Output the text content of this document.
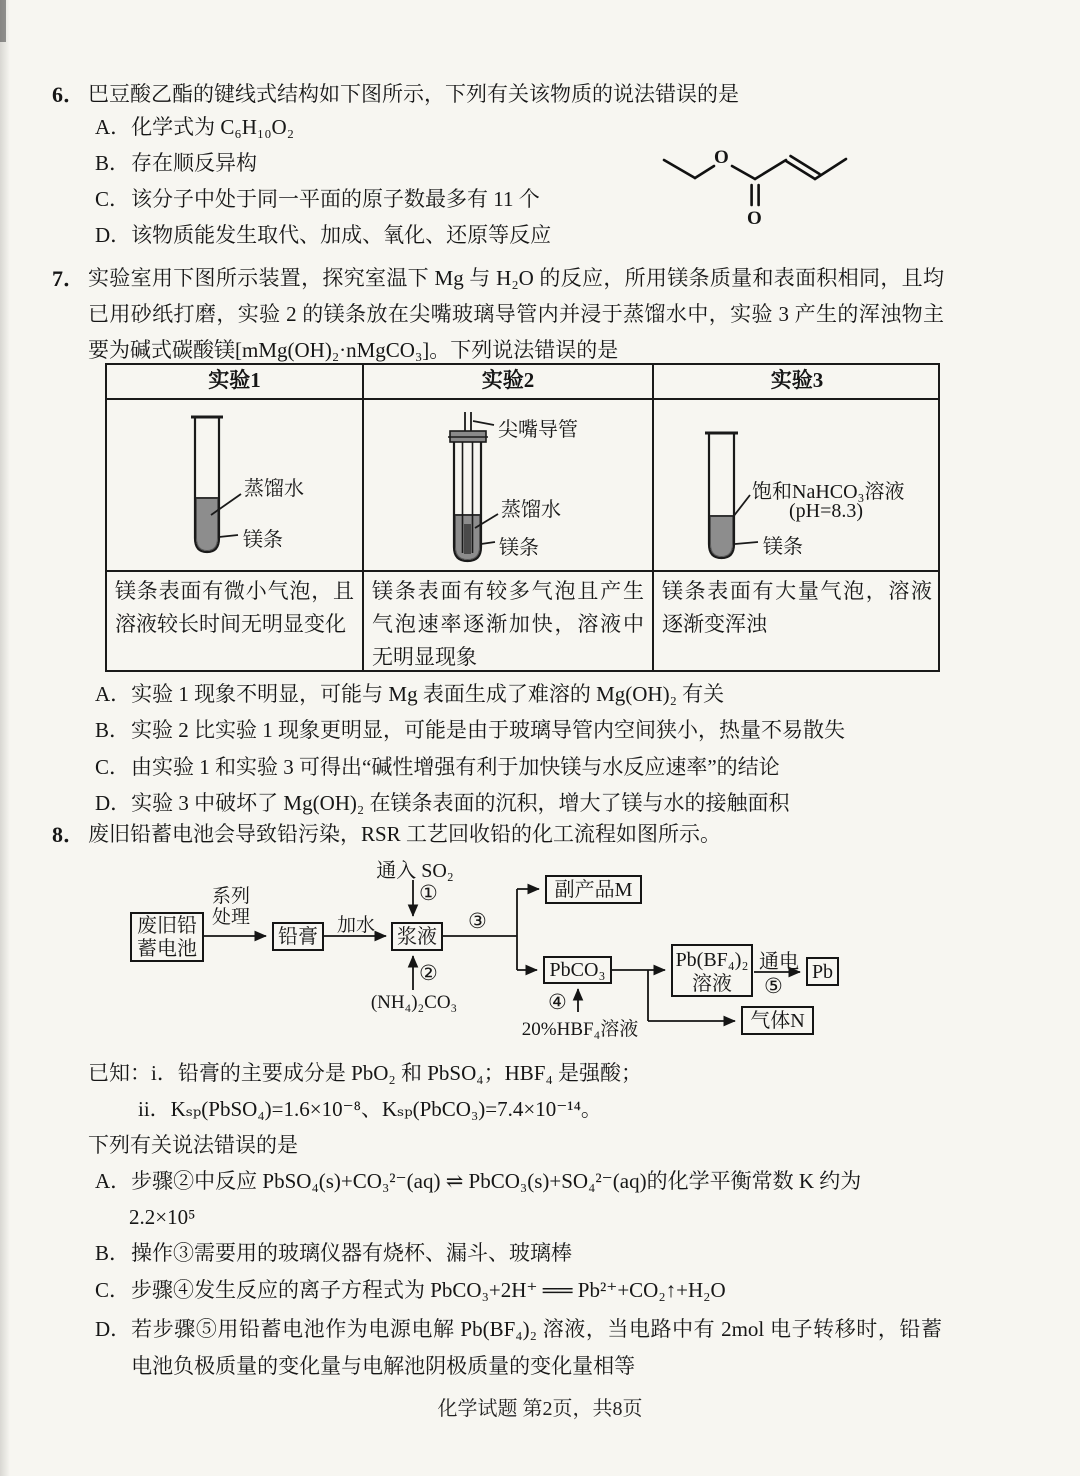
6． 巴豆酸乙酯的键线式结构如下图所示，下列有关该物质的说法错误的是
A． 化学式为 C₆H₁₀O₂
B． 存在顺反异构
C． 该分子中处于同一平面的原子数最多有 11 个
D． 该物质能发生取代、加成、氧化、还原等反应
O
O
7． 实验室用下图所示装置，探究室温下 Mg 与 H₂O 的反应，所用镁条质量和表面积相同，且均已用砂纸打磨，实验 2 的镁条放在尖嘴玻璃导管内并浸于蒸馏水中，实验 3 产生的浑浊物主要为碱式碳酸镁[mMg(OH)₂·nMgCO₃]。下列说法错误的是
实验1	实验2	实验3
蒸馏水
镁条
尖嘴导管
蒸馏水
镁条
饱和NaHCO₃溶液
(pH=8.3)
镁条
镁条表面有微小气泡，且溶液较长时间无明显变化
镁条表面有较多气泡且产生气泡速率逐渐加快，溶液中无明显现象
镁条表面有大量气泡，溶液逐渐变浑浊
A． 实验 1 现象不明显，可能与 Mg 表面生成了难溶的 Mg(OH)₂ 有关
B． 实验 2 比实验 1 现象更明显，可能是由于玻璃导管内空间狭小，热量不易散失
C． 由实验 1 和实验 3 可得出“碱性增强有利于加快镁与水反应速率”的结论
D． 实验 3 中破坏了 Mg(OH)₂ 在镁条表面的沉积，增大了镁与水的接触面积
8． 废旧铅蓄电池会导致铅污染，RSR 工艺回收铅的化工流程如图所示。
通入 SO₂
①
②
③
④
⑤
废旧铅
蓄电池
系列
处理
铅膏
加水
浆液
副产品M
PbCO₃
(NH₄)₂CO₃
20%HBF₄溶液
Pb(BF₄)₂
溶液
通电 Pb
气体N
已知：i．铅膏的主要成分是 PbO₂ 和 PbSO₄；HBF₄ 是强酸；
ii．Kₛₚ(PbSO₄)=1.6×10⁻⁸、Kₛₚ(PbCO₃)=7.4×10⁻¹⁴。
下列有关说法错误的是
A． 步骤②中反应 PbSO₄(s)+CO₃²⁻(aq) ⇌ PbCO₃(s)+SO₄²⁻(aq)的化学平衡常数 K 约为
2.2×10⁵
B． 操作③需要用的玻璃仪器有烧杯、漏斗、玻璃棒
C． 步骤④发生反应的离子方程式为 PbCO₃+2H⁺ ══ Pb²⁺+CO₂↑+H₂O
D． 若步骤⑤用铅蓄电池作为电源电解 Pb(BF₄)₂ 溶液，当电路中有 2mol 电子转移时，铅蓄电池负极质量的变化量与电解池阴极质量的变化量相等
化学试题 第2页，共8页
